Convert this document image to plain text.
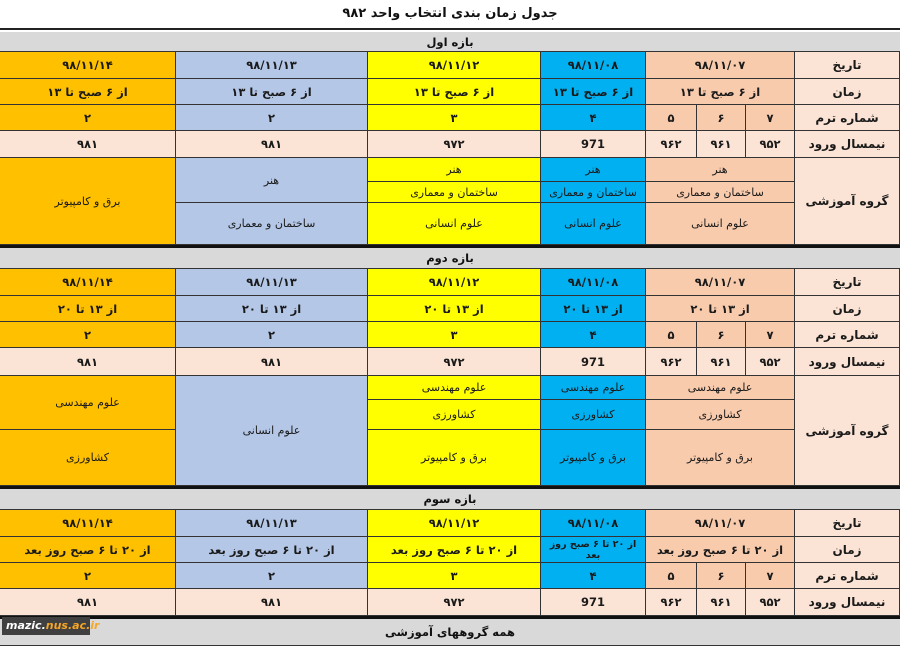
جدول زمان بندی انتخاب واحد ۹۸۲
بازه اول
تاریخ
زمان
شماره ترم
نیمسال ورود
۹۸/۱۱/۰۷
از ۶ صبح تا ۱۳
۹۸/۱۱/۰۸
از ۶ صبح تا ۱۳
۹۸/۱۱/۱۲
از ۶ صبح تا ۱۳
۹۸/۱۱/۱۳
از ۶ صبح تا ۱۳
۹۸/۱۱/۱۴
از ۶ صبح تا ۱۳
۷
۶
۵
۴
۳
۲
۲
۹۵۲
۹۶۱
۹۶۲
971
۹۷۲
۹۸۱
۹۸۱
گروه آموزشی
هنر
ساختمان و معماری
علوم انسانی
هنر
ساختمان و معماری
علوم انسانی
هنر
ساختمان و معماری
علوم انسانی
هنر
ساختمان و معماری
برق و کامپیوتر
بازه دوم
تاریخ
زمان
شماره ترم
نیمسال ورود
۹۸/۱۱/۰۷
از ۱۳ تا ۲۰
۹۸/۱۱/۰۸
از ۱۳ تا ۲۰
۹۸/۱۱/۱۲
از ۱۳ تا ۲۰
۹۸/۱۱/۱۳
از ۱۳ تا ۲۰
۹۸/۱۱/۱۴
از ۱۳ تا ۲۰
۷
۶
۵
۴
۳
۲
۲
۹۵۲
۹۶۱
۹۶۲
971
۹۷۲
۹۸۱
۹۸۱
گروه آموزشی
علوم مهندسی
کشاورزی
برق و کامپیوتر
علوم مهندسی
کشاورزی
برق و کامپیوتر
علوم مهندسی
کشاورزی
برق و کامپیوتر
علوم انسانی
علوم مهندسی
کشاورزی
بازه سوم
تاریخ
زمان
شماره ترم
نیمسال ورود
۹۸/۱۱/۰۷
از ۲۰ تا ۶ صبح روز بعد
۹۸/۱۱/۰۸
از ۲۰ تا ۶ صبح روز بعد
۹۸/۱۱/۱۲
از ۲۰ تا ۶ صبح روز بعد
۹۸/۱۱/۱۳
از ۲۰ تا ۶ صبح روز بعد
۹۸/۱۱/۱۴
از ۲۰ تا ۶ صبح روز بعد
۷
۶
۵
۴
۳
۲
۲
۹۵۲
۹۶۱
۹۶۲
971
۹۷۲
۹۸۱
۹۸۱
همه گروههای آموزشی
mazic.nus.ac.ir
